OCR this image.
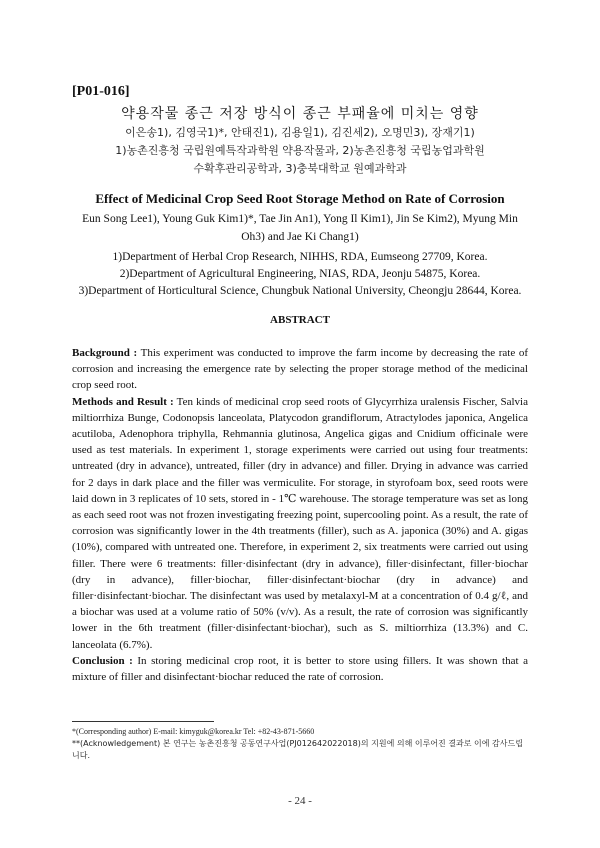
[P01-016]
약용작물 종근 저장 방식이 종근 부패율에 미치는 영향
이은송1), 김영국1)*, 안태진1), 김용일1), 김진세2), 오명민3), 장재기1)
1)농촌진흥청 국립원예특작과학원 약용작물과, 2)농촌진흥청 국립농업과학원
수확후관리공학과, 3)충북대학교 원예과학과
Effect of Medicinal Crop Seed Root Storage Method on Rate of Corrosion
Eun Song Lee1), Young Guk Kim1)*, Tae Jin An1), Yong Il Kim1), Jin Se Kim2), Myung Min
Oh3) and Jae Ki Chang1)
1)Department of Herbal Crop Research, NIHHS, RDA, Eumseong 27709, Korea.
2)Department of Agricultural Engineering, NIAS, RDA, Jeonju 54875, Korea.
3)Department of Horticultural Science, Chungbuk National University, Cheongju 28644, Korea.
ABSTRACT

Background : This experiment was conducted to improve the farm income by decreasing the rate of corrosion and increasing the emergence rate by selecting the proper storage method of the medicinal crop seed root.

Methods and Result : Ten kinds of medicinal crop seed roots of Glycyrrhiza uralensis Fischer, Salvia miltiorrhiza Bunge, Codonopsis lanceolata, Platycodon grandiflorum, Atractylodes japonica, Angelica acutiloba, Adenophora triphylla, Rehmannia glutinosa, Angelica gigas and Cnidium officinale were used as test materials. In experiment 1, storage experiments were carried out using four treatments: untreated (dry in advance), untreated, filler (dry in advance) and filler. Drying in advance was carried for 2 days in dark place and the filler was vermiculite. For storage, in styrofoam box, seed roots were laid down in 3 replicates of 10 sets, stored in - 1℃ warehouse. The storage temperature was set as long as each seed root was not frozen investigating freezing point, supercooling point. As a result, the rate of corrosion was significantly lower in the 4th treatments (filler), such as A. japonica (30%) and A. gigas (10%), compared with untreated one. Therefore, in experiment 2, six treatments were carried out using filler. There were 6 treatments: filler·disinfectant (dry in advance), filler·disinfectant, filler·biochar (dry in advance), filler·biochar, filler·disinfectant·biochar (dry in advance) and filler·disinfectant·biochar. The disinfectant was used by metalaxyl-M at a concentration of 0.4 g/ℓ, and a biochar was used at a volume ratio of 50% (v/v). As a result, the rate of corrosion was significantly lower in the 6th treatment (filler·disinfectant·biochar), such as S. miltiorrhiza (13.3%) and C. lanceolata (6.7%).

Conclusion : In storing medicinal crop root, it is better to store using fillers. It was shown that a mixture of filler and disinfectant·biochar reduced the rate of corrosion.

*(Corresponding author) E-mail: kimyguk@korea.kr Tel: +82-43-871-5660
**(Acknowledgement) 본 연구는 농촌진흥청 공동연구사업(PJ012642022018)의 지원에 의해 이루어진 결과로 이에 감사드립니다.
- 24 -
